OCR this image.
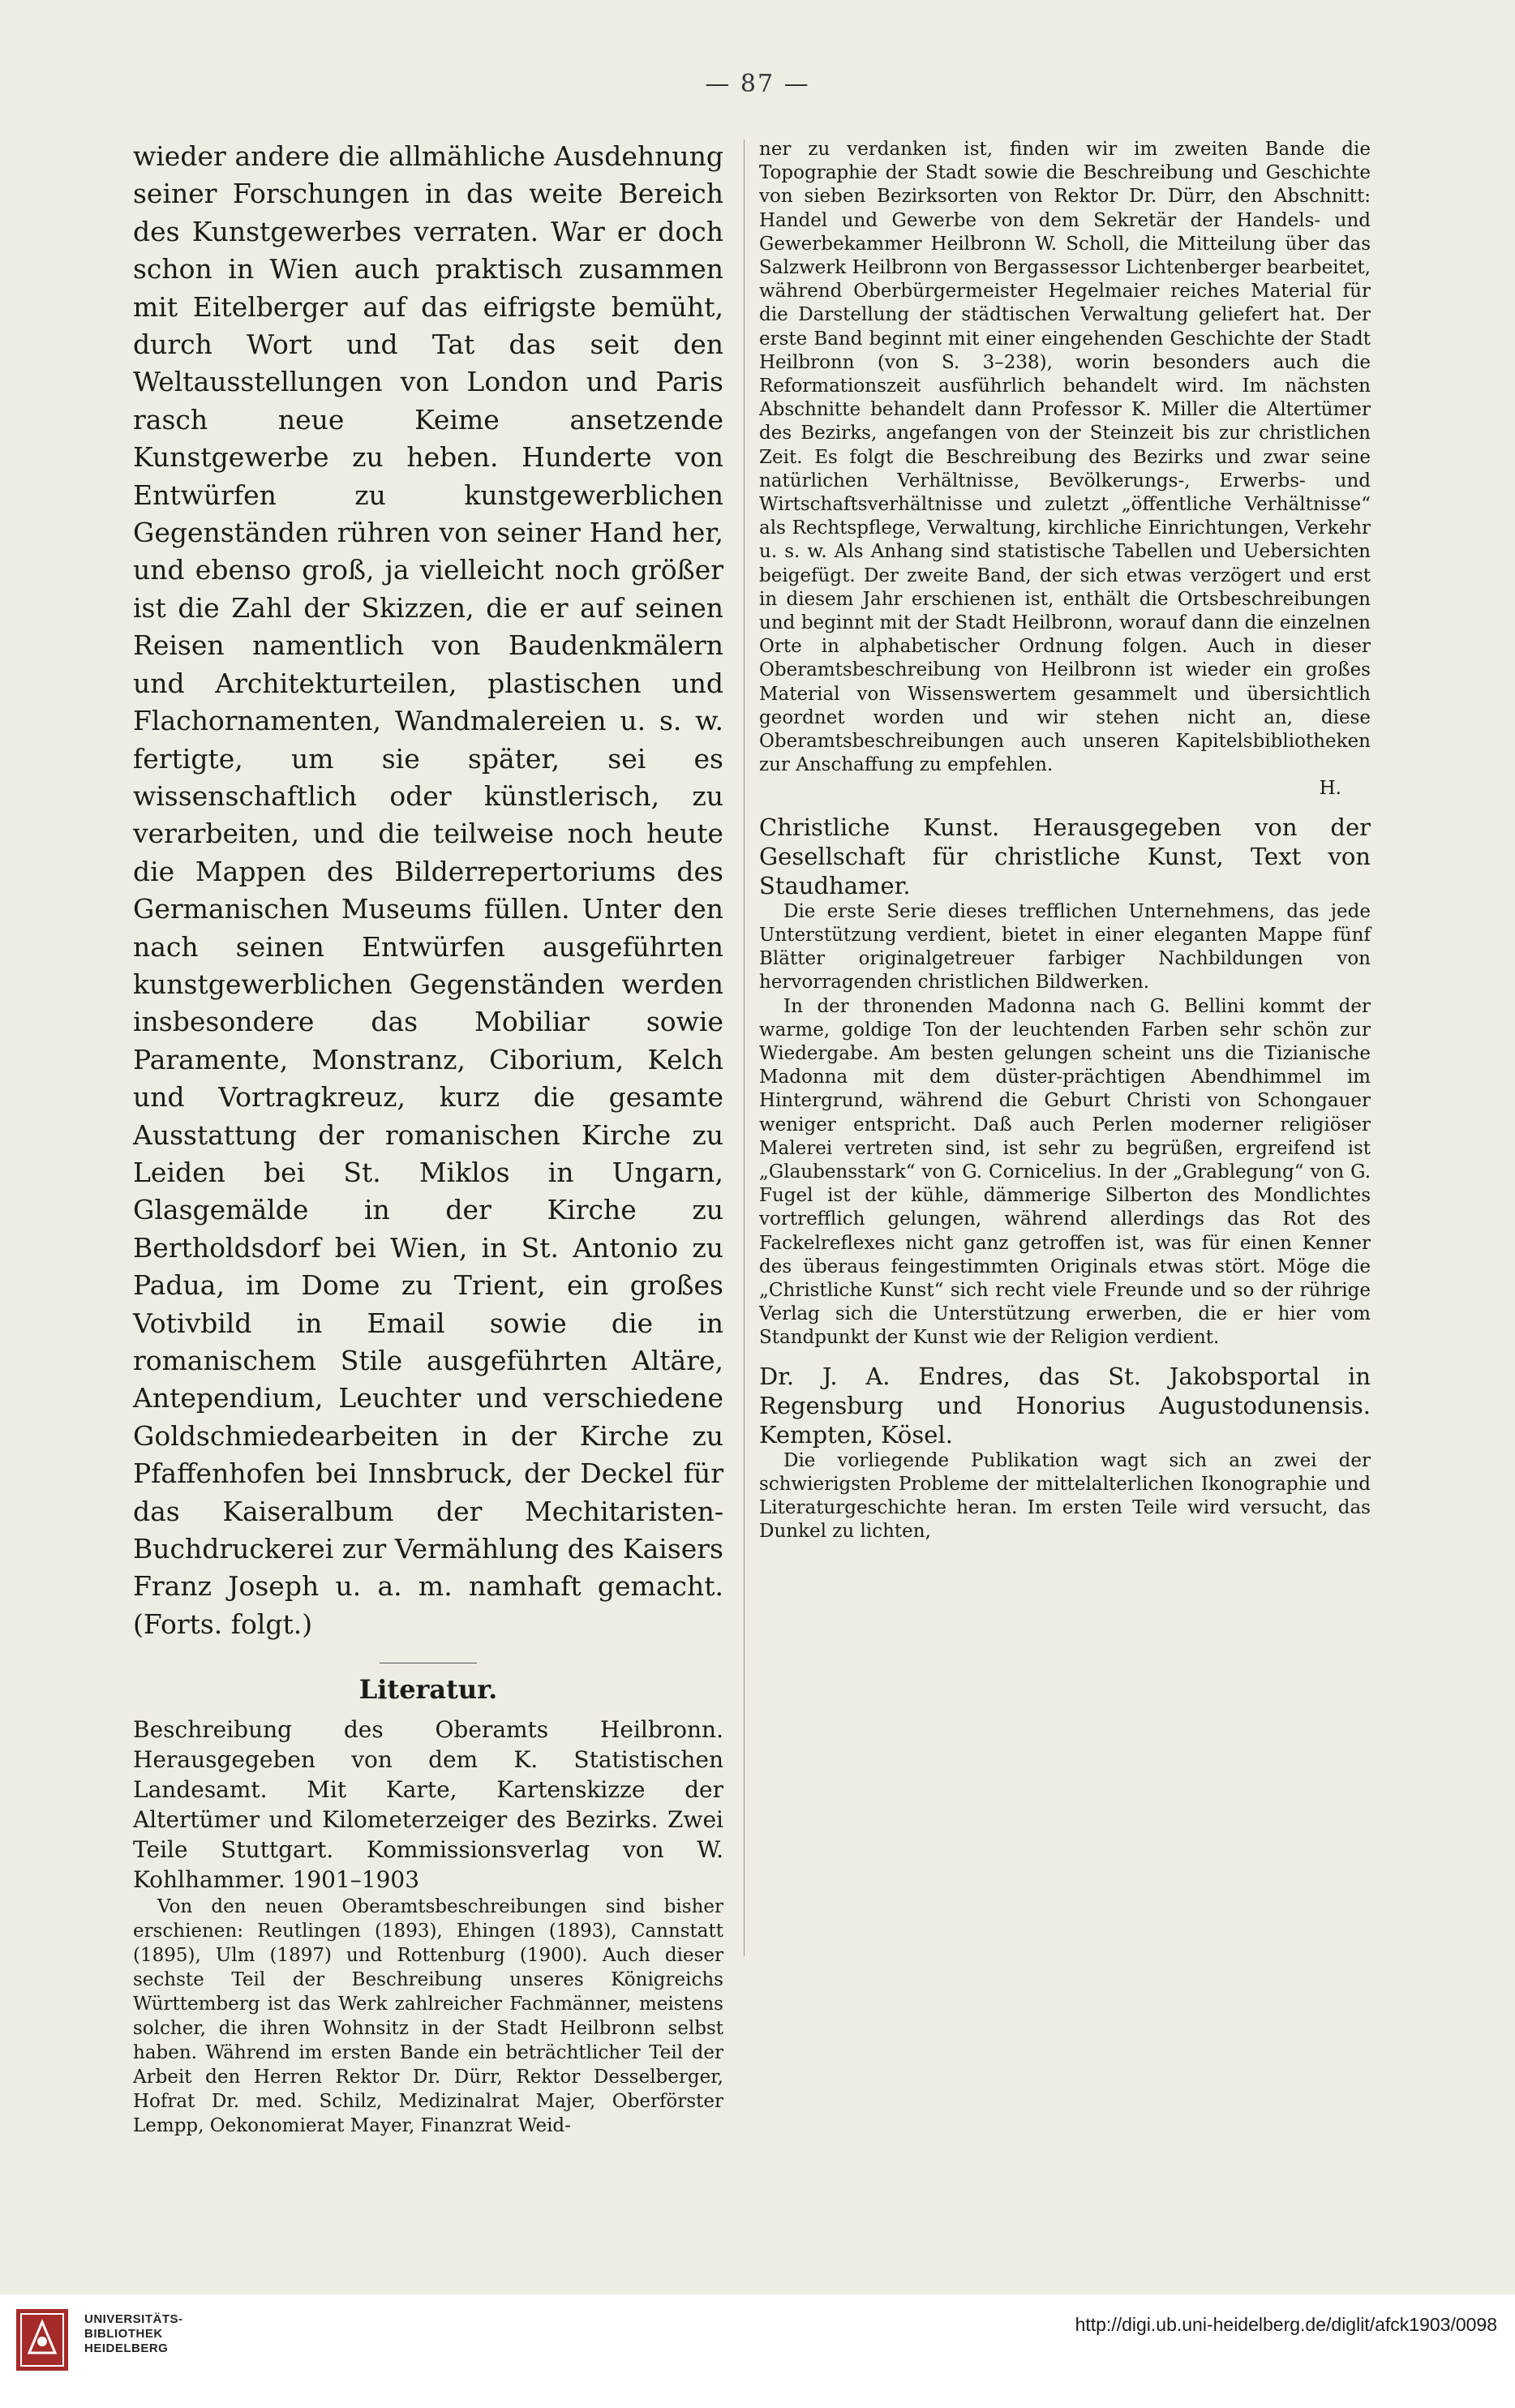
— 87 —

wieder andere die allmähliche Ausdehnung seiner Forschungen in das weite Bereich des Kunstgewerbes verraten. War er doch schon in Wien auch praktisch zusammen mit Eitelberger auf das eifrigste bemüht, durch Wort und Tat das seit den Weltausstellungen von London und Paris rasch neue Keime ansetzende Kunstgewerbe zu heben. Hunderte von Entwürfen zu kunstgewerblichen Gegenständen rühren von seiner Hand her, und ebenso groß, ja vielleicht noch größer ist die Zahl der Skizzen, die er auf seinen Reisen namentlich von Baudenkmälern und Architekturteilen, plastischen und Flachornamenten, Wandmalereien u. s. w. fertigte, um sie später, sei es wissenschaftlich oder künstlerisch, zu verarbeiten, und die teilweise noch heute die Mappen des Bilderrepertoriums des Germanischen Museums füllen. Unter den nach seinen Entwürfen ausgeführten kunstgewerblichen Gegenständen werden insbesondere das Mobiliar sowie Paramente, Monstranz, Ciborium, Kelch und Vortragkreuz, kurz die gesamte Ausstattung der romanischen Kirche zu Leiden bei St. Miklos in Ungarn, Glasgemälde in der Kirche zu Bertholdsdorf bei Wien, in St. Antonio zu Padua, im Dome zu Trient, ein großes Votivbild in Email sowie die in romanischem Stile ausgeführten Altäre, Antependium, Leuchter und verschiedene Goldschmiedearbeiten in der Kirche zu Pfaffenhofen bei Innsbruck, der Deckel für das Kaiseralbum der Mechitaristen-Buchdruckerei zur Vermählung des Kaisers Franz Joseph u. a. m. namhaft gemacht. (Forts. folgt.)

Literatur.

Beschreibung des Oberamts Heilbronn. Herausgegeben von dem K. Statistischen Landesamt. Mit Karte, Kartenskizze der Altertümer und Kilometerzeiger des Bezirks. Zwei Teile Stuttgart. Kommissionsverlag von W. Kohlhammer. 1901–1903

Von den neuen Oberamtsbeschreibungen sind bisher erschienen: Reutlingen (1893), Ehingen (1893), Cannstatt (1895), Ulm (1897) und Rottenburg (1900). Auch dieser sechste Teil der Beschreibung unseres Königreichs Württemberg ist das Werk zahlreicher Fachmänner, meistens solcher, die ihren Wohnsitz in der Stadt Heilbronn selbst haben. Während im ersten Bande ein beträchtlicher Teil der Arbeit den Herren Rektor Dr. Dürr, Rektor Desselberger, Hofrat Dr. med. Schilz, Medizinalrat Majer, Oberförster Lempp, Oekonomierat Mayer, Finanzrat Weid-

ner zu verdanken ist, finden wir im zweiten Bande die Topographie der Stadt sowie die Beschreibung und Geschichte von sieben Bezirksorten von Rektor Dr. Dürr, den Abschnitt: Handel und Gewerbe von dem Sekretär der Handels- und Gewerbekammer Heilbronn W. Scholl, die Mitteilung über das Salzwerk Heilbronn von Bergassessor Lichtenberger bearbeitet, während Oberbürgermeister Hegelmaier reiches Material für die Darstellung der städtischen Verwaltung geliefert hat. Der erste Band beginnt mit einer eingehenden Geschichte der Stadt Heilbronn (von S. 3–238), worin besonders auch die Reformationszeit ausführlich behandelt wird. Im nächsten Abschnitte behandelt dann Professor K. Miller die Altertümer des Bezirks, angefangen von der Steinzeit bis zur christlichen Zeit. Es folgt die Beschreibung des Bezirks und zwar seine natürlichen Verhältnisse, Bevölkerungs-, Erwerbs- und Wirtschaftsverhältnisse und zuletzt „öffentliche Verhältnisse“ als Rechtspflege, Verwaltung, kirchliche Einrichtungen, Verkehr u. s. w. Als Anhang sind statistische Tabellen und Uebersichten beigefügt. Der zweite Band, der sich etwas verzögert und erst in diesem Jahr erschienen ist, enthält die Ortsbeschreibungen und beginnt mit der Stadt Heilbronn, worauf dann die einzelnen Orte in alphabetischer Ordnung folgen. Auch in dieser Oberamtsbeschreibung von Heilbronn ist wieder ein großes Material von Wissenswertem gesammelt und übersichtlich geordnet worden und wir stehen nicht an, diese Oberamtsbeschreibungen auch unseren Kapitelsbibliotheken zur Anschaffung zu empfehlen.

H.

Christliche Kunst. Herausgegeben von der Gesellschaft für christliche Kunst, Text von Staudhamer.

Die erste Serie dieses trefflichen Unternehmens, das jede Unterstützung verdient, bietet in einer eleganten Mappe fünf Blätter originalgetreuer farbiger Nachbildungen von hervorragenden christlichen Bildwerken.

In der thronenden Madonna nach G. Bellini kommt der warme, goldige Ton der leuchtenden Farben sehr schön zur Wiedergabe. Am besten gelungen scheint uns die Tizianische Madonna mit dem düster-prächtigen Abendhimmel im Hintergrund, während die Geburt Christi von Schongauer weniger entspricht. Daß auch Perlen moderner religiöser Malerei vertreten sind, ist sehr zu begrüßen, ergreifend ist „Glaubensstark“ von G. Cornicelius. In der „Grablegung“ von G. Fugel ist der kühle, dämmerige Silberton des Mondlichtes vortrefflich gelungen, während allerdings das Rot des Fackelreflexes nicht ganz getroffen ist, was für einen Kenner des überaus feingestimmten Originals etwas stört. Möge die „Christliche Kunst“ sich recht viele Freunde und so der rührige Verlag sich die Unterstützung erwerben, die er hier vom Standpunkt der Kunst wie der Religion verdient.

Dr. J. A. Endres, das St. Jakobsportal in Regensburg und Honorius Augustodunensis. Kempten, Kösel.

Die vorliegende Publikation wagt sich an zwei der schwierigsten Probleme der mittelalterlichen Ikonographie und Literaturgeschichte heran. Im ersten Teile wird versucht, das Dunkel zu lichten,

UNIVERSITÄTS-
BIBLIOTHEK
HEIDELBERG
http://digi.ub.uni-heidelberg.de/diglit/afck1903/0098
